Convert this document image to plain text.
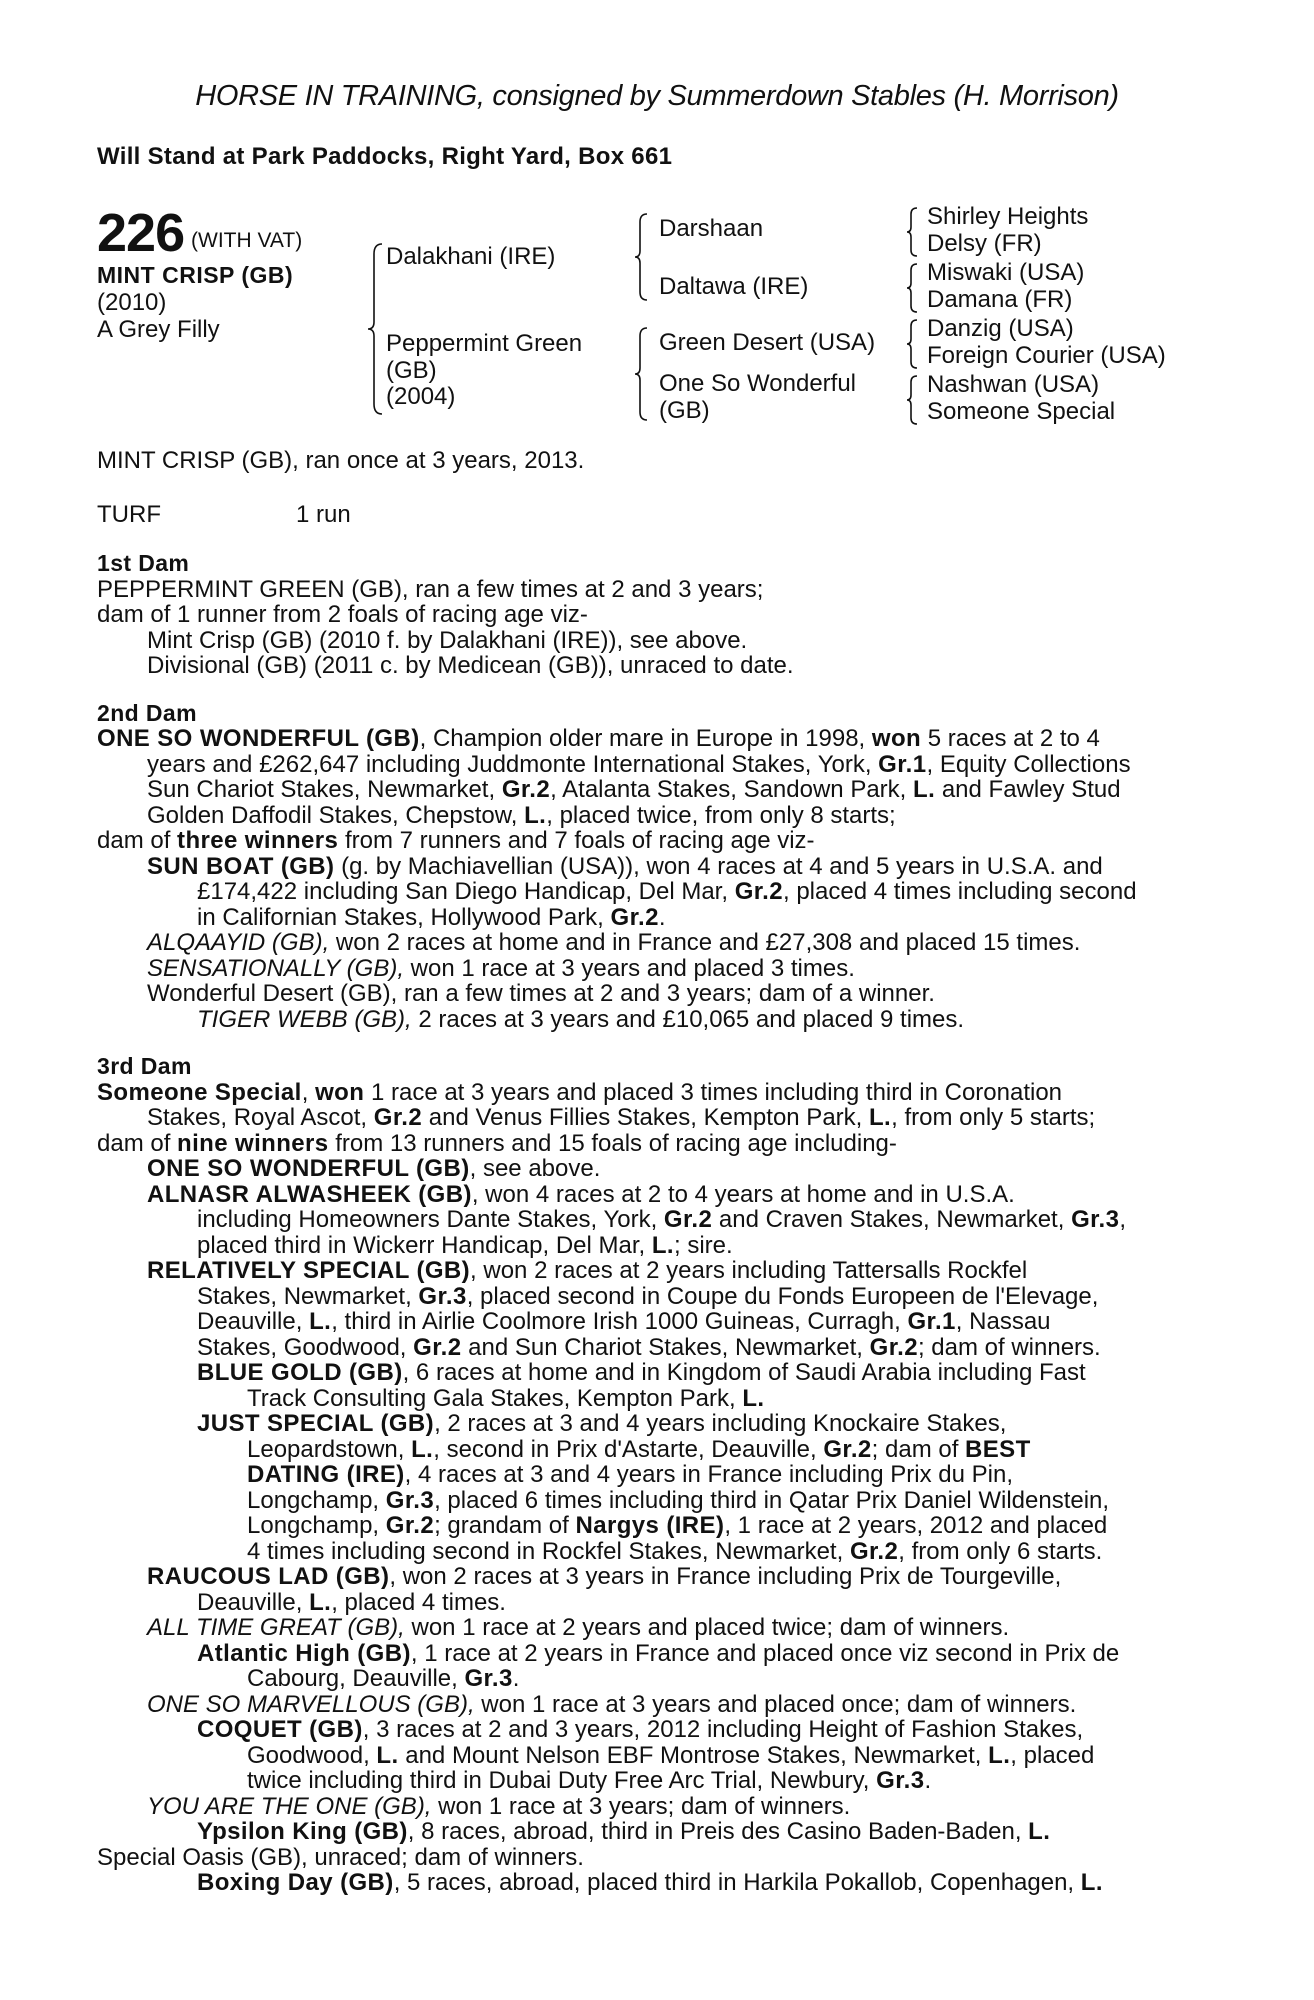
HORSE IN TRAINING, consigned by Summerdown Stables (H. Morrison)
Will Stand at Park Paddocks, Right Yard, Box 661
226 (WITH VAT)
MINT CRISP (GB)
(2010)
A Grey Filly
Dalakhani (IRE)
Peppermint Green
(GB)
(2004)
Darshaan
Daltawa (IRE)
Green Desert (USA)
One So Wonderful
(GB)
Shirley Heights
Delsy (FR)
Miswaki (USA)
Damana (FR)
Danzig (USA)
Foreign Courier (USA)
Nashwan (USA)
Someone Special
MINT CRISP (GB), ran once at 3 years, 2013.
TURF	1 run
1st Dam
PEPPERMINT GREEN (GB), ran a few times at 2 and 3 years;
dam of 1 runner from 2 foals of racing age viz-
Mint Crisp (GB) (2010 f. by Dalakhani (IRE)), see above.
Divisional (GB) (2011 c. by Medicean (GB)), unraced to date.
2nd Dam
ONE SO WONDERFUL (GB), Champion older mare in Europe in 1998, won 5 races at 2 to 4
years and £262,647 including Juddmonte International Stakes, York, Gr.1, Equity Collections
Sun Chariot Stakes, Newmarket, Gr.2, Atalanta Stakes, Sandown Park, L. and Fawley Stud
Golden Daffodil Stakes, Chepstow, L., placed twice, from only 8 starts;
dam of three winners from 7 runners and 7 foals of racing age viz-
SUN BOAT (GB) (g. by Machiavellian (USA)), won 4 races at 4 and 5 years in U.S.A. and
£174,422 including San Diego Handicap, Del Mar, Gr.2, placed 4 times including second
in Californian Stakes, Hollywood Park, Gr.2.
ALQAAYID (GB), won 2 races at home and in France and £27,308 and placed 15 times.
SENSATIONALLY (GB), won 1 race at 3 years and placed 3 times.
Wonderful Desert (GB), ran a few times at 2 and 3 years; dam of a winner.
TIGER WEBB (GB), 2 races at 3 years and £10,065 and placed 9 times.
3rd Dam
Someone Special, won 1 race at 3 years and placed 3 times including third in Coronation
Stakes, Royal Ascot, Gr.2 and Venus Fillies Stakes, Kempton Park, L., from only 5 starts;
dam of nine winners from 13 runners and 15 foals of racing age including-
ONE SO WONDERFUL (GB), see above.
ALNASR ALWASHEEK (GB), won 4 races at 2 to 4 years at home and in U.S.A.
including Homeowners Dante Stakes, York, Gr.2 and Craven Stakes, Newmarket, Gr.3,
placed third in Wickerr Handicap, Del Mar, L.; sire.
RELATIVELY SPECIAL (GB), won 2 races at 2 years including Tattersalls Rockfel
Stakes, Newmarket, Gr.3, placed second in Coupe du Fonds Europeen de l'Elevage,
Deauville, L., third in Airlie Coolmore Irish 1000 Guineas, Curragh, Gr.1, Nassau
Stakes, Goodwood, Gr.2 and Sun Chariot Stakes, Newmarket, Gr.2; dam of winners.
BLUE GOLD (GB), 6 races at home and in Kingdom of Saudi Arabia including Fast
Track Consulting Gala Stakes, Kempton Park, L.
JUST SPECIAL (GB), 2 races at 3 and 4 years including Knockaire Stakes,
Leopardstown, L., second in Prix d'Astarte, Deauville, Gr.2; dam of BEST
DATING (IRE), 4 races at 3 and 4 years in France including Prix du Pin,
Longchamp, Gr.3, placed 6 times including third in Qatar Prix Daniel Wildenstein,
Longchamp, Gr.2; grandam of Nargys (IRE), 1 race at 2 years, 2012 and placed
4 times including second in Rockfel Stakes, Newmarket, Gr.2, from only 6 starts.
RAUCOUS LAD (GB), won 2 races at 3 years in France including Prix de Tourgeville,
Deauville, L., placed 4 times.
ALL TIME GREAT (GB), won 1 race at 2 years and placed twice; dam of winners.
Atlantic High (GB), 1 race at 2 years in France and placed once viz second in Prix de
Cabourg, Deauville, Gr.3.
ONE SO MARVELLOUS (GB), won 1 race at 3 years and placed once; dam of winners.
COQUET (GB), 3 races at 2 and 3 years, 2012 including Height of Fashion Stakes,
Goodwood, L. and Mount Nelson EBF Montrose Stakes, Newmarket, L., placed
twice including third in Dubai Duty Free Arc Trial, Newbury, Gr.3.
YOU ARE THE ONE (GB), won 1 race at 3 years; dam of winners.
Ypsilon King (GB), 8 races, abroad, third in Preis des Casino Baden-Baden, L.
Special Oasis (GB), unraced; dam of winners.
Boxing Day (GB), 5 races, abroad, placed third in Harkila Pokallob, Copenhagen, L.
